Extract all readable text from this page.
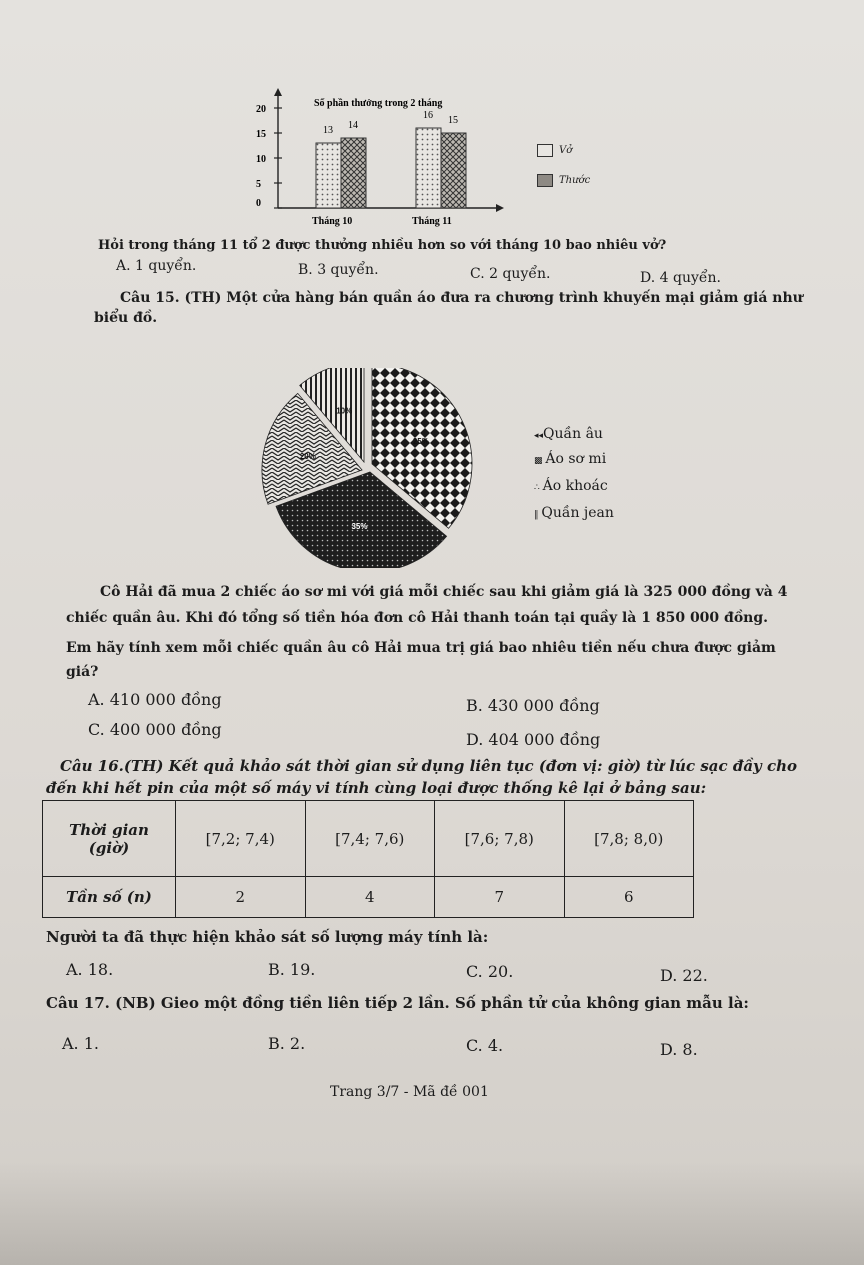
Số phần thưởng trong 2 tháng
0
5
10
15
20
13 14
16 15
Tháng 10	Tháng 11
Vở
Thước
Hỏi trong tháng 11 tổ 2 được thưởng nhiều hơn so với tháng 10 bao nhiêu vở?
A. 1 quyển.	B. 3 quyển.	C. 2 quyển.	D. 4 quyển.
Câu 15. (TH) Một cửa hàng bán quần áo đưa ra chương trình khuyến mại giảm giá như
biểu đồ.
25%
35%
20%
10%
◂◂Quần âu
▩ Áo sơ mi
∴ Áo khoác
‖ Quần jean
Cô Hải đã mua 2 chiếc áo sơ mi với giá mỗi chiếc sau khi giảm giá là 325 000 đồng và 4
chiếc quần âu. Khi đó tổng số tiền hóa đơn cô Hải thanh toán tại quầy là 1 850 000 đồng.
Em hãy tính xem mỗi chiếc quần âu cô Hải mua trị giá bao nhiêu tiền nếu chưa được giảm
giá?
A. 410 000 đồng	B. 430 000 đồng
C. 400 000 đồng
D. 404 000 đồng
Câu 16.(TH) Kết quả khảo sát thời gian sử dụng liên tục (đơn vị: giờ) từ lúc sạc đầy cho
đến khi hết pin của một số máy vi tính cùng loại được thống kê lại ở bảng sau:
Thời gian
(giờ)	[7,2; 7,4)	[7,4; 7,6)	[7,6; 7,8)	[7,8; 8,0)
Tần số (n)	2	4	7	6
Người ta đã thực hiện khảo sát số lượng máy tính là:
A. 18.	B. 19.	C. 20.	D. 22.
Câu 17. (NB) Gieo một đồng tiền liên tiếp 2 lần. Số phần tử của không gian mẫu là:
A. 1.	B. 2.	C. 4.	D. 8.
Trang 3/7 - Mã đề 001
